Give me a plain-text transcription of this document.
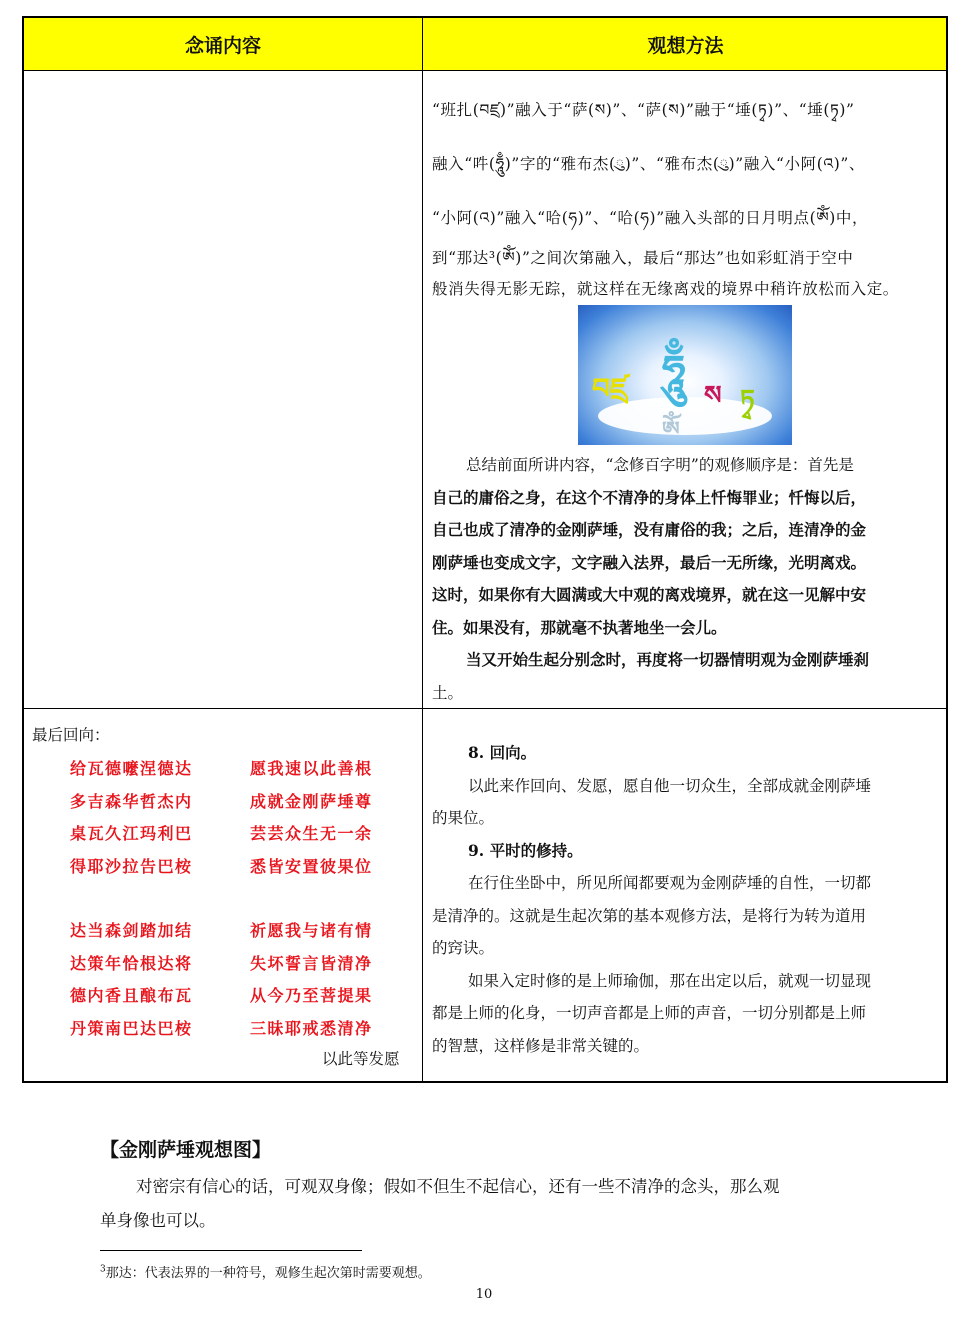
念诵内容	观想方法

“班扎(བཛྲ)”融入于“萨(ས)”、“萨(ས)”融于“埵(ཏྭ)”、“埵(ཏྭ)”

融入“吽(ཧཱུྃ)”字的“雅布杰(ུ)”、“雅布杰(ུ)”融入“小阿(འ)”、

“小阿(འ)”融入“哈(ཧ)”、“哈(ཧ)”融入头部的日月明点(ༀ)中，

到“那达³(ༀ)”之间次第融入，最后“那达”也如彩虹消于空中

般消失得无影无踪，就这样在无缘离戏的境界中稍许放松而入定。

བཛྲ ཧཱུྃ
ས ཏྭ
ༀ

总结前面所讲内容，“念修百字明”的观修顺序是：首先是

自己的庸俗之身，在这个不清净的身体上忏悔罪业；忏悔以后，

自己也成了清净的金刚萨埵，没有庸俗的我；之后，连清净的金

刚萨埵也变成文字，文字融入法界，最后一无所缘，光明离戏。

这时，如果你有大圆满或大中观的离戏境界，就在这一见解中安

住。如果没有，那就毫不执著地坐一会儿。

当又开始生起分别念时，再度将一切器情明观为金刚萨埵刹

土。

最后回向：
给瓦德嚒涅德达
多吉森华哲杰内
桌瓦久江玛利巴
得耶沙拉告巴桉
达当森剑踏加结
达策年恰根达将
德内香且酿布瓦
丹策南巴达巴桉
愿我速以此善根
成就金刚萨埵尊
芸芸众生无一余
悉皆安置彼果位
祈愿我与诸有情
失坏誓言皆清净
从今乃至菩提果
三昧耶戒悉清净
以此等发愿

8. 回向。

以此来作回向、发愿，愿自他一切众生，全部成就金刚萨埵

的果位。

9. 平时的修持。

在行住坐卧中，所见所闻都要观为金刚萨埵的自性，一切都

是清净的。这就是生起次第的基本观修方法，是将行为转为道用

的窍诀。

如果入定时修的是上师瑜伽，那在出定以后，就观一切显现

都是上师的化身，一切声音都是上师的声音，一切分别都是上师

的智慧，这样修是非常关键的。

【金刚萨埵观想图】

对密宗有信心的话，可观双身像；假如不但生不起信心，还有一些不清净的念头，那么观

单身像也可以。

$^3$那达：代表法界的一种符号，观修生起次第时需要观想。
10
